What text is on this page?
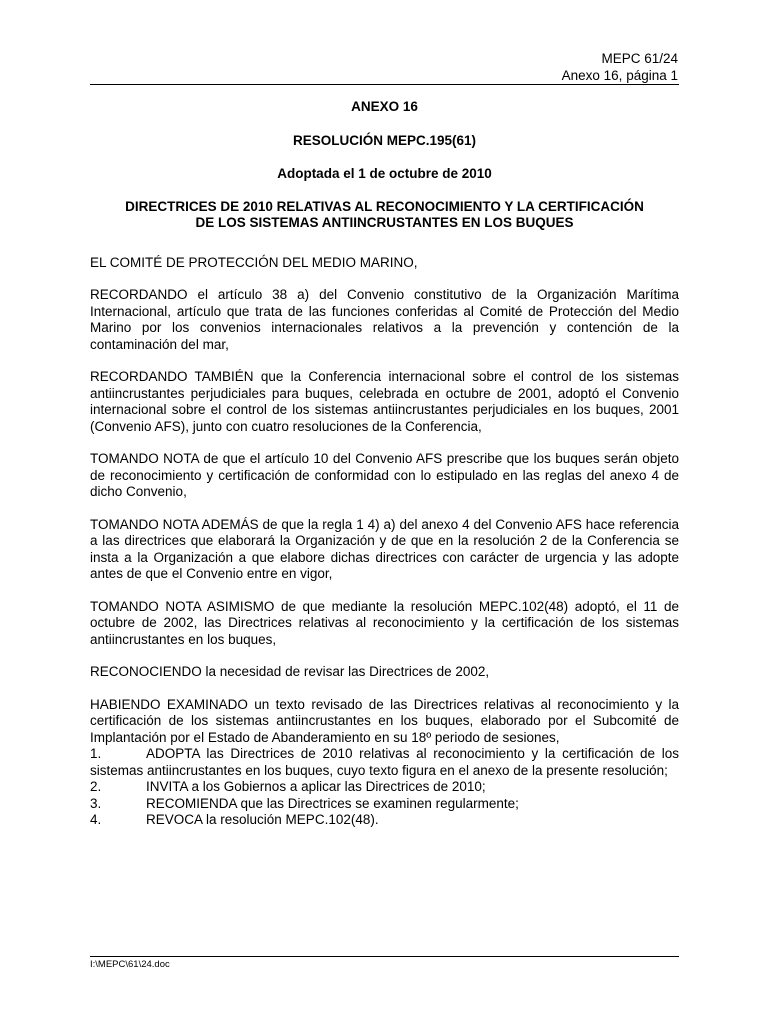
MEPC 61/24
Anexo 16, página 1

ANEXO 16

RESOLUCIÓN MEPC.195(61)

Adoptada el 1 de octubre de 2010

DIRECTRICES DE 2010 RELATIVAS AL RECONOCIMIENTO Y LA CERTIFICACIÓN
DE LOS SISTEMAS ANTIINCRUSTANTES EN LOS BUQUES

EL COMITÉ DE PROTECCIÓN DEL MEDIO MARINO,

RECORDANDO el artículo 38 a) del Convenio constitutivo de la Organización Marítima Internacional, artículo que trata de las funciones conferidas al Comité de Protección del Medio Marino por los convenios internacionales relativos a la prevención y contención de la contaminación del mar,

RECORDANDO TAMBIÉN que la Conferencia internacional sobre el control de los sistemas antiincrustantes perjudiciales para buques, celebrada en octubre de 2001, adoptó el Convenio internacional sobre el control de los sistemas antiincrustantes perjudiciales en los buques, 2001 (Convenio AFS), junto con cuatro resoluciones de la Conferencia,

TOMANDO NOTA de que el artículo 10 del Convenio AFS prescribe que los buques serán objeto de reconocimiento y certificación de conformidad con lo estipulado en las reglas del anexo 4 de dicho Convenio,

TOMANDO NOTA ADEMÁS de que la regla 1 4) a) del anexo 4 del Convenio AFS hace referencia a las directrices que elaborará la Organización y de que en la resolución 2 de la Conferencia se insta a la Organización a que elabore dichas directrices con carácter de urgencia y las adopte antes de que el Convenio entre en vigor,

TOMANDO NOTA ASIMISMO de que mediante la resolución MEPC.102(48) adoptó, el 11 de octubre de 2002, las Directrices relativas al reconocimiento y la certificación de los sistemas antiincrustantes en los buques,

RECONOCIENDO la necesidad de revisar las Directrices de 2002,

HABIENDO EXAMINADO un texto revisado de las Directrices relativas al reconocimiento y la certificación de los sistemas antiincrustantes en los buques, elaborado por el Subcomité de Implantación por el Estado de Abanderamiento en su 18º periodo de sesiones,

1.	ADOPTA las Directrices de 2010 relativas al reconocimiento y la certificación de los sistemas antiincrustantes en los buques, cuyo texto figura en el anexo de la presente resolución;

2.	INVITA a los Gobiernos a aplicar las Directrices de 2010;

3.	RECOMIENDA que las Directrices se examinen regularmente;

4.	REVOCA la resolución MEPC.102(48).

I:\MEPC\61\24.doc
